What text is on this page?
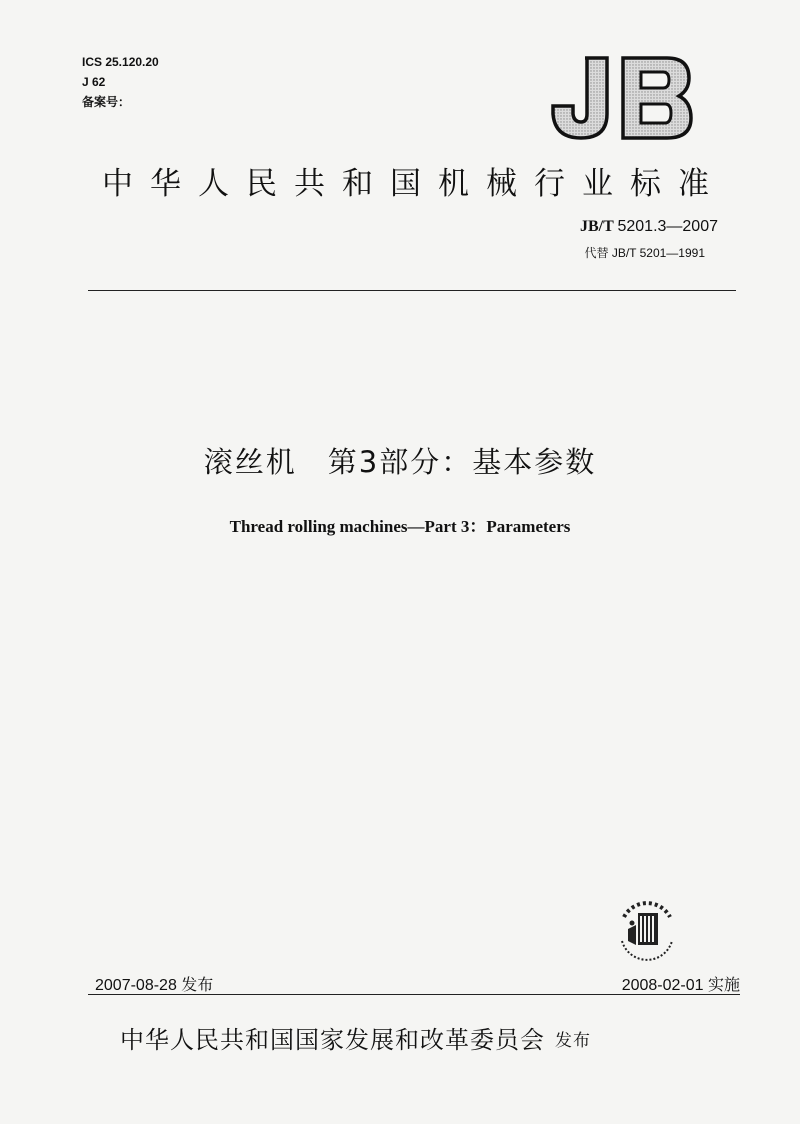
ICS 25.120.20
J 62
备案号：
中华人民共和国机械行业标准
JB/T 5201.3—2007
代替 JB/T 5201—1991
滚丝机　第3部分：基本参数
Thread rolling machines—Part 3：Parameters
2007-08-28 发布	2008-02-01 实施
中华人民共和国国家发展和改革委员会 发布
